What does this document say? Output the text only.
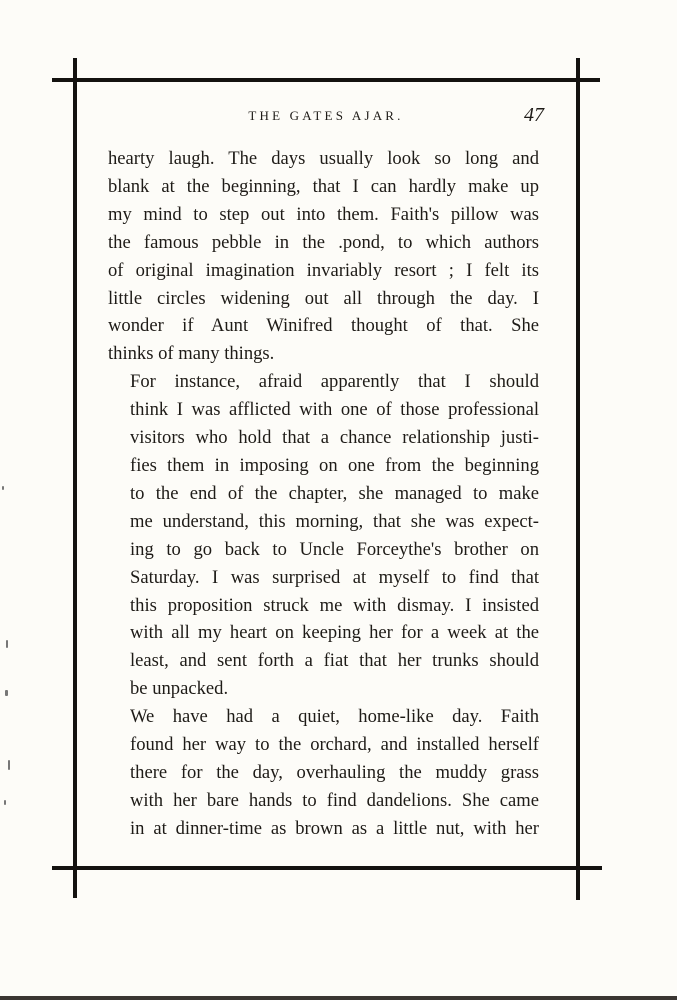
THE GATES AJAR.	47

hearty laugh. The days usually look so long and
blank at the beginning, that I can hardly make up
my mind to step out into them. Faith's pillow was
the famous pebble in the .pond, to which authors
of original imagination invariably resort ; I felt its
little circles widening out all through the day. I
wonder if Aunt Winifred thought of that. She
thinks of many things.

For instance, afraid apparently that I should
think I was afflicted with one of those professional
visitors who hold that a chance relationship justi-
fies them in imposing on one from the beginning
to the end of the chapter, she managed to make
me understand, this morning, that she was expect-
ing to go back to Uncle Forceythe's brother on
Saturday. I was surprised at myself to find that
this proposition struck me with dismay. I insisted
with all my heart on keeping her for a week at the
least, and sent forth a fiat that her trunks should
be unpacked.

We have had a quiet, home-like day. Faith
found her way to the orchard, and installed herself
there for the day, overhauling the muddy grass
with her bare hands to find dandelions. She came
in at dinner-time as brown as a little nut, with her
